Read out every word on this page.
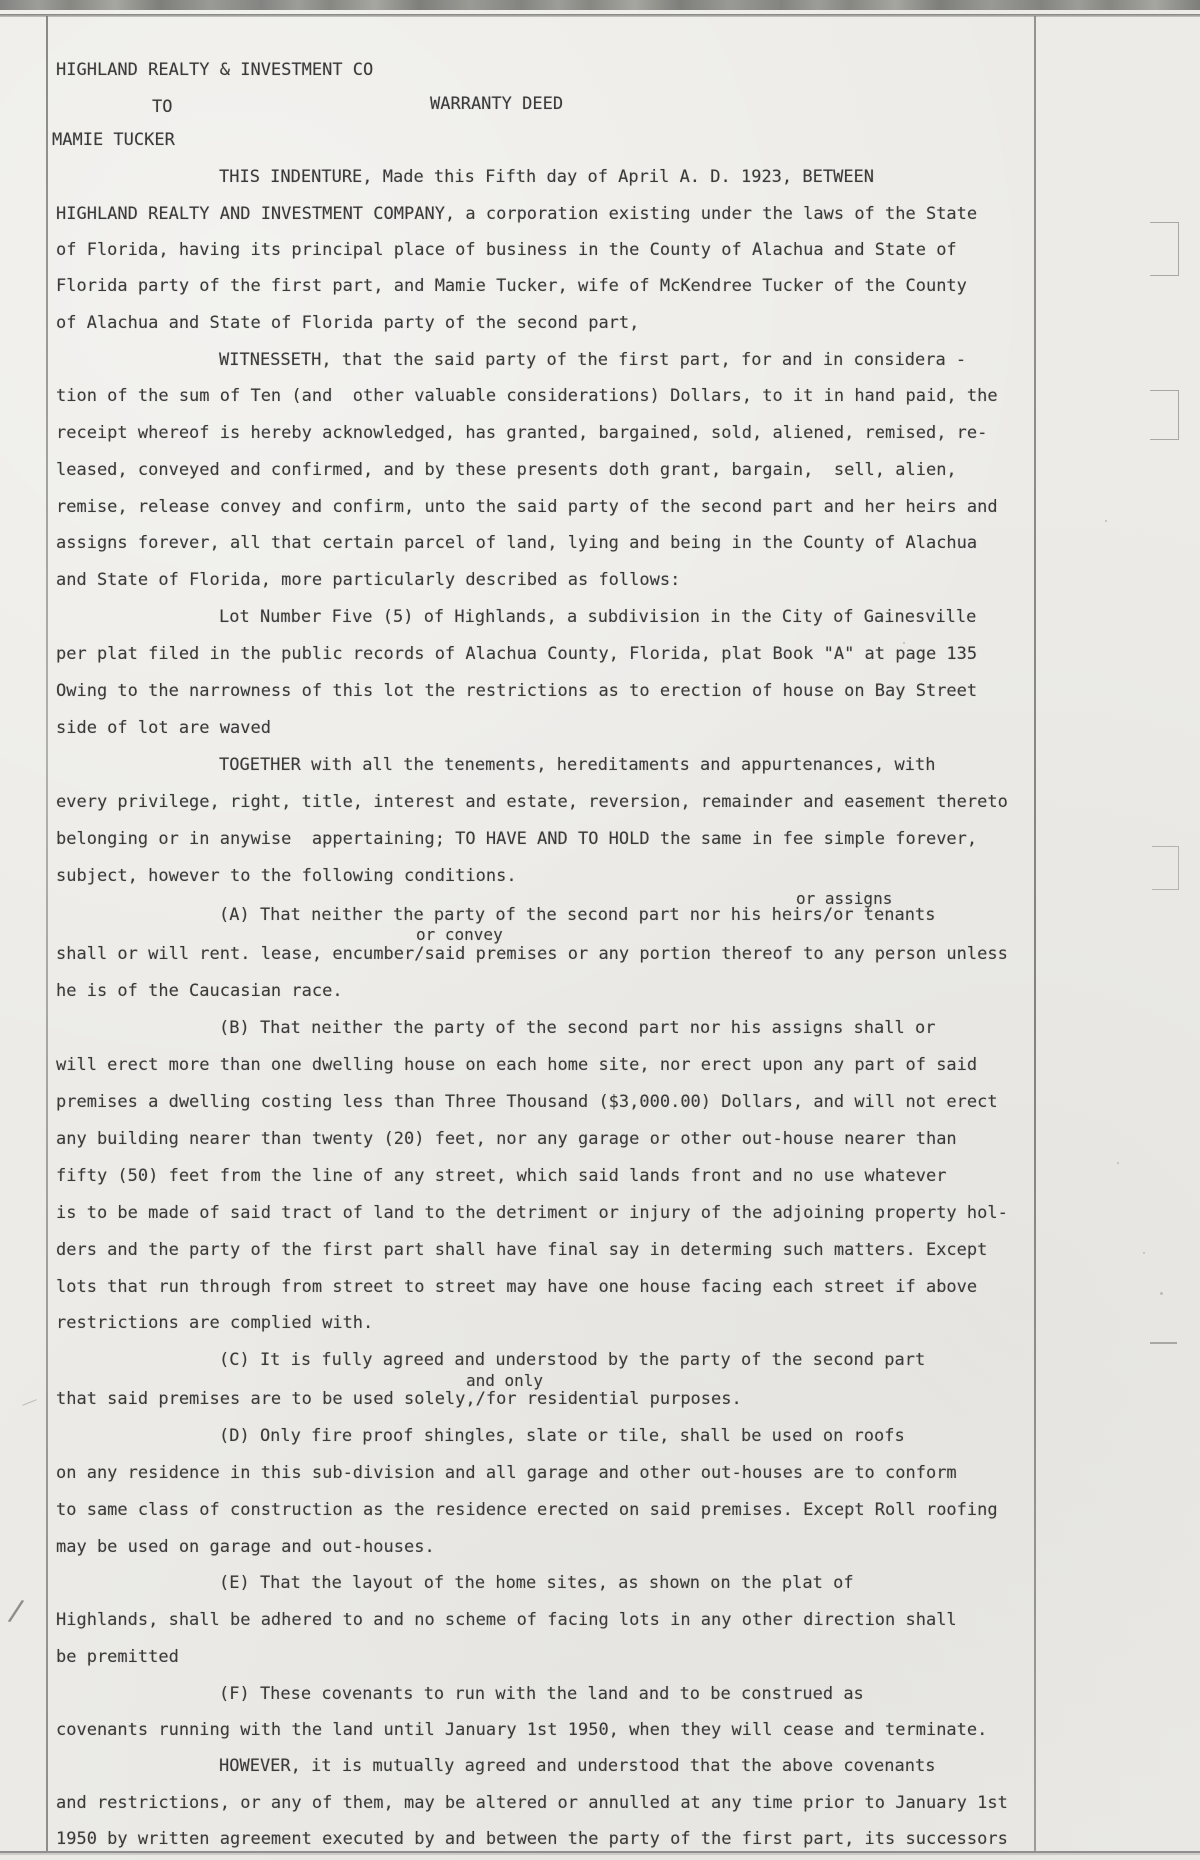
HIGHLAND REALTY & INVESTMENT CO
TO	WARRANTY DEED
MAMIE TUCKER
THIS INDENTURE, Made this Fifth day of April A. D. 1923, BETWEEN
HIGHLAND REALTY AND INVESTMENT COMPANY, a corporation existing under the laws of the State
of Florida, having its principal place of business in the County of Alachua and State of
Florida party of the first part, and Mamie Tucker, wife of McKendree Tucker of the County
of Alachua and State of Florida party of the second part,
WITNESSETH, that the said party of the first part, for and in considera -
tion of the sum of Ten (and  other valuable considerations) Dollars, to it in hand paid, the
receipt whereof is hereby acknowledged, has granted, bargained, sold, aliened, remised, re-
leased, conveyed and confirmed, and by these presents doth grant, bargain,  sell, alien,
remise, release convey and confirm, unto the said party of the second part and her heirs and
assigns forever, all that certain parcel of land, lying and being in the County of Alachua
and State of Florida, more particularly described as follows:
Lot Number Five (5) of Highlands, a subdivision in the City of Gainesville
per plat filed in the public records of Alachua County, Florida, plat Book "A" at page 135
Owing to the narrowness of this lot the restrictions as to erection of house on Bay Street
side of lot are waved
TOGETHER with all the tenements, hereditaments and appurtenances, with
every privilege, right, title, interest and estate, reversion, remainder and easement thereto
belonging or in anywise  appertaining; TO HAVE AND TO HOLD the same in fee simple forever,
subject, however to the following conditions.
or assigns
(A) That neither the party of the second part nor his heirs/or tenants
or convey
shall or will rent. lease, encumber/said premises or any portion thereof to any person unless
he is of the Caucasian race.
(B) That neither the party of the second part nor his assigns shall or
will erect more than one dwelling house on each home site, nor erect upon any part of said
premises a dwelling costing less than Three Thousand ($3,000.00) Dollars, and will not erect
any building nearer than twenty (20) feet, nor any garage or other out-house nearer than
fifty (50) feet from the line of any street, which said lands front and no use whatever
is to be made of said tract of land to the detriment or injury of the adjoining property hol-
ders and the party of the first part shall have final say in determing such matters. Except
lots that run through from street to street may have one house facing each street if above
restrictions are complied with.
(C) It is fully agreed and understood by the party of the second part
and only
that said premises are to be used solely,/for residential purposes.
(D) Only fire proof shingles, slate or tile, shall be used on roofs
on any residence in this sub-division and all garage and other out-houses are to conform
to same class of construction as the residence erected on said premises. Except Roll roofing
may be used on garage and out-houses.
(E) That the layout of the home sites, as shown on the plat of
Highlands, shall be adhered to and no scheme of facing lots in any other direction shall
be premitted
(F) These covenants to run with the land and to be construed as
covenants running with the land until January 1st 1950, when they will cease and terminate.
HOWEVER, it is mutually agreed and understood that the above covenants
and restrictions, or any of them, may be altered or annulled at any time prior to January 1st
1950 by written agreement executed by and between the party of the first part, its successors
/
